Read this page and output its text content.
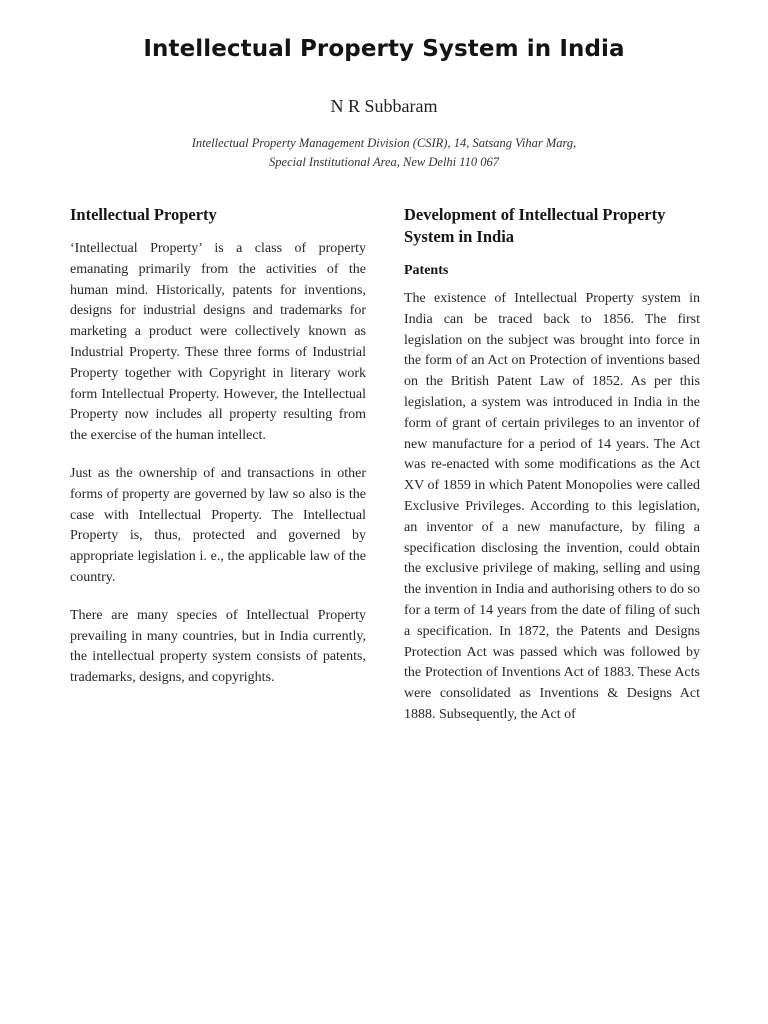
Intellectual Property System in India

N R Subbaram

Intellectual Property Management Division (CSIR), 14, Satsang Vihar Marg,
Special Institutional Area, New Delhi 110 067

Intellectual Property

‘Intellectual Property’ is a class of property emanating primarily from the activities of the human mind. Historically, patents for inventions, designs for industrial designs and trademarks for marketing a product were collectively known as Industrial Property. These three forms of Industrial Property together with Copyright in literary work form Intellectual Property. However, the Intellectual Property now includes all property resulting from the exercise of the human intellect.

Just as the ownership of and transactions in other forms of property are governed by law so also is the case with Intellectual Property. The Intellectual Property is, thus, protected and governed by appropriate legislation i. e., the applicable law of the country.

There are many species of Intellectual Property prevailing in many countries, but in India currently, the intellectual property system consists of patents, trademarks, designs, and copyrights.

Development of Intellectual Property System in India
Patents

The existence of Intellectual Property system in India can be traced back to 1856. The first legislation on the subject was brought into force in the form of an Act on Protection of inventions based on the British Patent Law of 1852. As per this legislation, a system was introduced in India in the form of grant of certain privileges to an inventor of new manufacture for a period of 14 years. The Act was re-enacted with some modifications as the Act XV of 1859 in which Patent Monopolies were called Exclusive Privileges. According to this legislation, an inventor of a new manufacture, by filing a specification disclosing the invention, could obtain the exclusive privilege of making, selling and using the invention in India and authorising others to do so for a term of 14 years from the date of filing of such a specification. In 1872, the Patents and Designs Protection Act was passed which was followed by the Protection of Inventions Act of 1883. These Acts were consolidated as Inventions & Designs Act 1888. Subsequently, the Act of
